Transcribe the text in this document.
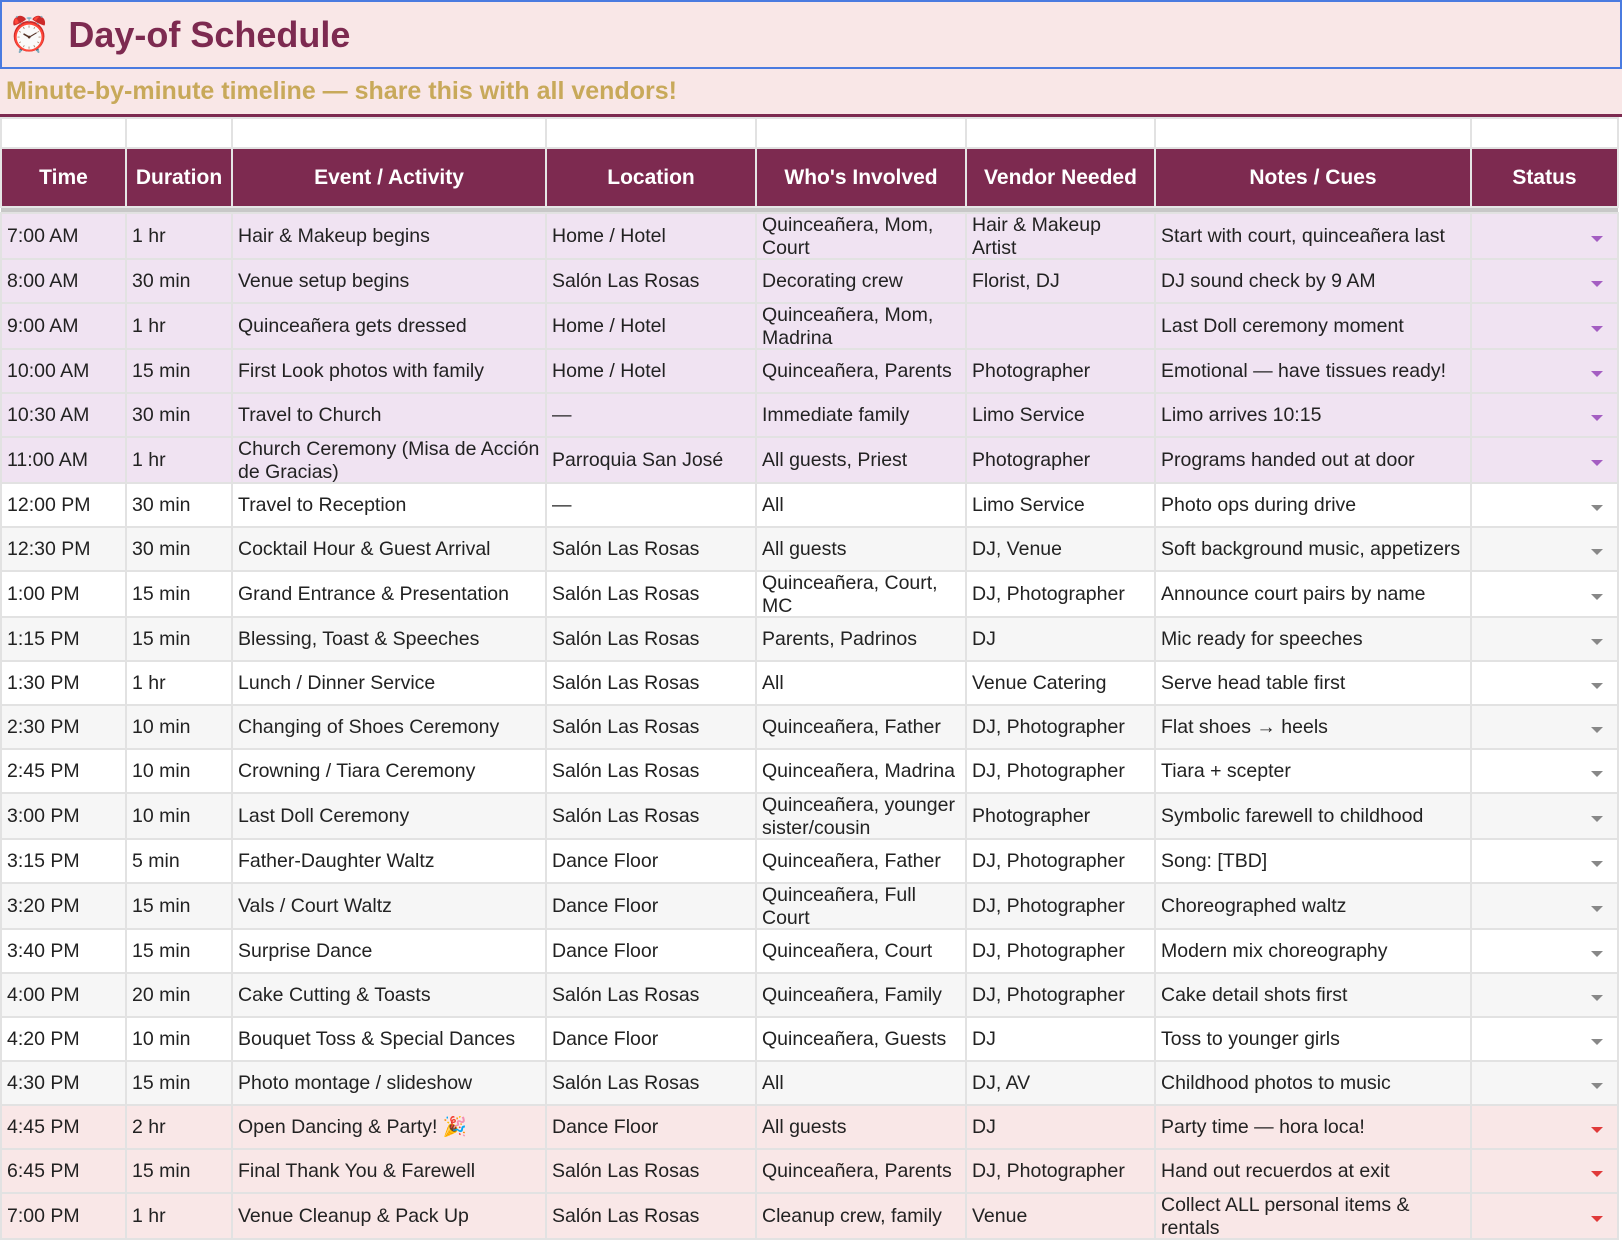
⏰ Day-of Schedule
Minute-by-minute timeline — share this with all vendors!

Time	Duration	Event / Activity	Location	Who's Involved	Vendor Needed	Notes / Cues	Status

7:00 AM	1 hr	Hair & Makeup begins	Home / Hotel	Quinceañera, Mom, Court

Hair & Makeup Artist

Start with court, quinceañera last

8:00 AM	30 min	Venue setup begins	Salón Las Rosas	Decorating crew	Florist, DJ	DJ sound check by 9 AM

9:00 AM	1 hr	Quinceañera gets dressed	Home / Hotel	Quinceañera, Mom, Madrina

Last Doll ceremony moment

10:00 AM	15 min	First Look photos with family	Home / Hotel	Quinceañera, Parents	Photographer	Emotional — have tissues ready!

10:30 AM	30 min	Travel to Church	—	Immediate family	Limo Service	Limo arrives 10:15

11:00 AM	1 hr	Church Ceremony (Misa de Acción de Gracias)

Parroquia San José	All guests, Priest	Photographer	Programs handed out at door

12:00 PM	30 min	Travel to Reception	—	All	Limo Service	Photo ops during drive

12:30 PM	30 min	Cocktail Hour & Guest Arrival	Salón Las Rosas	All guests	DJ, Venue	Soft background music, appetizers

1:00 PM	15 min	Grand Entrance & Presentation	Salón Las Rosas	Quinceañera, Court, MC

DJ, Photographer	Announce court pairs by name

1:15 PM	15 min	Blessing, Toast & Speeches	Salón Las Rosas	Parents, Padrinos	DJ	Mic ready for speeches

1:30 PM	1 hr	Lunch / Dinner Service	Salón Las Rosas	All	Venue Catering	Serve head table first

2:30 PM	10 min	Changing of Shoes Ceremony	Salón Las Rosas	Quinceañera, Father	DJ, Photographer	Flat shoes → heels

2:45 PM	10 min	Crowning / Tiara Ceremony	Salón Las Rosas	Quinceañera, Madrina	DJ, Photographer	Tiara + scepter

3:00 PM	10 min	Last Doll Ceremony	Salón Las Rosas	Quinceañera, younger sister/cousin

Photographer	Symbolic farewell to childhood

3:15 PM	5 min	Father-Daughter Waltz	Dance Floor	Quinceañera, Father	DJ, Photographer	Song: [TBD]

3:20 PM	15 min	Vals / Court Waltz	Dance Floor	Quinceañera, Full Court

DJ, Photographer	Choreographed waltz

3:40 PM	15 min	Surprise Dance	Dance Floor	Quinceañera, Court	DJ, Photographer	Modern mix choreography

4:00 PM	20 min	Cake Cutting & Toasts	Salón Las Rosas	Quinceañera, Family	DJ, Photographer	Cake detail shots first

4:20 PM	10 min	Bouquet Toss & Special Dances	Dance Floor	Quinceañera, Guests	DJ	Toss to younger girls

4:30 PM	15 min	Photo montage / slideshow	Salón Las Rosas	All	DJ, AV	Childhood photos to music

4:45 PM	2 hr	Open Dancing & Party! 🎉	Dance Floor	All guests	DJ	Party time — hora loca!

6:45 PM	15 min	Final Thank You & Farewell	Salón Las Rosas	Quinceañera, Parents	DJ, Photographer	Hand out recuerdos at exit

7:00 PM	1 hr	Venue Cleanup & Pack Up	Salón Las Rosas	Cleanup crew, family	Venue	Collect ALL personal items & rentals
